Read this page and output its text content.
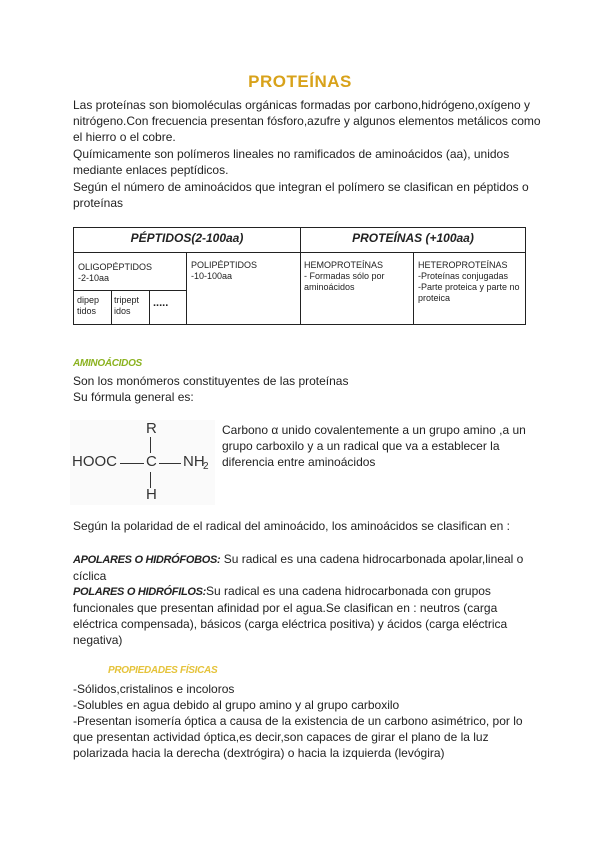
PROTEÍNAS
Las proteínas son biomoléculas orgánicas formadas por carbono,hidrógeno,oxígeno y nitrógeno.Con frecuencia presentan fósforo,azufre y algunos elementos metálicos como el hierro o el cobre.
Químicamente son polímeros lineales no ramificados de aminoácidos (aa), unidos mediante enlaces peptídicos.
Según el número de aminoácidos que integran el polímero se clasifican en péptidos o proteínas
PÉPTIDOS(2-100aa)	PROTEÍNAS (+100aa)
OLIGOPÉPTIDOS
-2-10aa
dipep tidos
tripept idos
.....
POLIPÉPTIDOS
-10-100aa
HEMOPROTEÍNAS
- Formadas sólo por aminoácidos
HETEROPROTEÍNAS
-Proteínas conjugadas
-Parte proteica y parte no proteica
AMINOÁCIDOS
Son los monómeros constituyentes de las proteínas
Su fórmula general es:
R
HOOC C NH
2
H
Carbono α unido covalentemente a un grupo amino ,a un grupo carboxilo y a un radical que va a establecer la diferencia entre aminoácidos
Según la polaridad de el radical del aminoácido, los aminoácidos se clasifican en :
APOLARES O HIDRÓFOBOS: Su radical es una cadena hidrocarbonada apolar,lineal o cíclica
POLARES O HIDRÓFILOS:Su radical es una cadena hidrocarbonada con grupos funcionales que presentan afinidad por el agua.Se clasifican en : neutros (carga eléctrica compensada), básicos (carga eléctrica positiva) y ácidos (carga eléctrica negativa)
PROPIEDADES FÍSICAS
-Sólidos,cristalinos e incoloros
-Solubles en agua debido al grupo amino y al grupo carboxilo
-Presentan isomería óptica a causa de la existencia de un carbono asimétrico, por lo que presentan actividad óptica,es decir,son capaces de girar el plano de la luz polarizada hacia la derecha (dextrógira) o hacia la izquierda (levógira)
